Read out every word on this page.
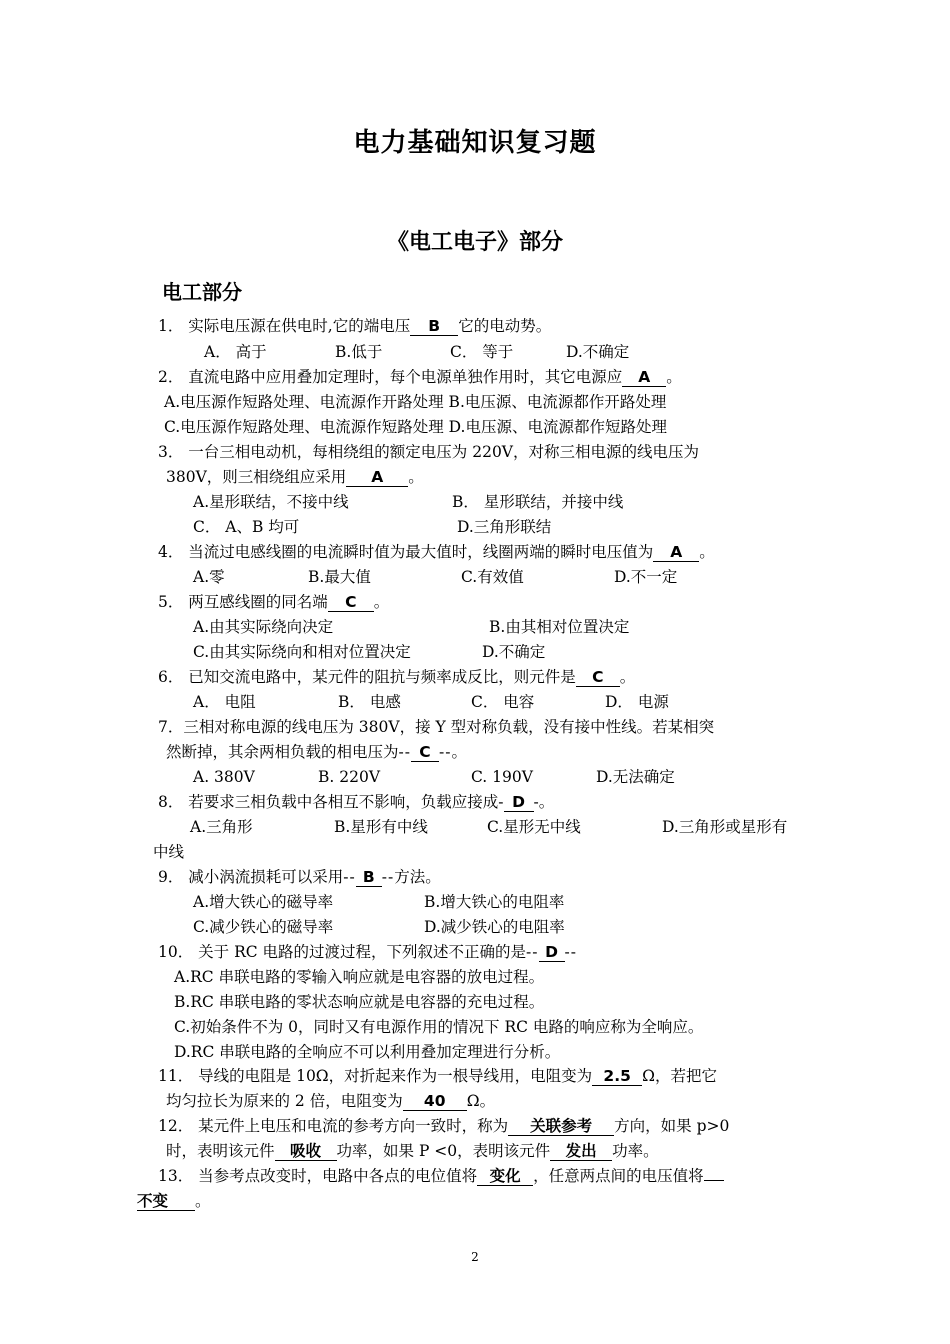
电力基础知识复习题
《电工电子》部分
电工部分
1． 实际电压源在供电时,它的端电压 B 它的电动势。
A． 高于	B.低于	C． 等于	D.不确定
2． 直流电路中应用叠加定理时，每个电源单独作用时，其它电源应 A 。
A.电压源作短路处理、电流源作开路处理 B.电压源、电流源都作开路处理
C.电压源作短路处理、电流源作短路处理 D.电压源、电流源都作短路处理
3． 一台三相电动机，每相绕组的额定电压为 220V，对称三相电源的线电压为
380V，则三相绕组应采用 A 。
A.星形联结，不接中线	B． 星形联结，并接中线
C． A、B 均可	D.三角形联结
4． 当流过电感线圈的电流瞬时值为最大值时，线圈两端的瞬时电压值为 A 。
A.零	B.最大值	C.有效值	D.不一定
5． 两互感线圈的同名端 C 。
A.由其实际绕向决定	B.由其相对位置决定
C.由其实际绕向和相对位置决定	D.不确定
6． 已知交流电路中，某元件的阻抗与频率成反比，则元件是 C 。
A． 电阻	B． 电感	C． 电容	D． 电源
7．三相对称电源的线电压为 380V，接 Y 型对称负载，没有接中性线。若某相突
然断掉，其余两相负载的相电压为-- C --。
A. 380V	B. 220V	C. 190V	D.无法确定
8． 若要求三相负载中各相互不影响，负载应接成- D -。
A.三角形	B.星形有中线	C.星形无中线	D.三角形或星形有
中线
9． 减小涡流损耗可以采用-- B --方法。
A.增大铁心的磁导率	B.增大铁心的电阻率
C.减少铁心的磁导率	D.减少铁心的电阻率
10． 关于 RC 电路的过渡过程，下列叙述不正确的是-- D --
A.RC 串联电路的零输入响应就是电容器的放电过程。
B.RC 串联电路的零状态响应就是电容器的充电过程。
C.初始条件不为 0，同时又有电源作用的情况下 RC 电路的响应称为全响应。
D.RC 串联电路的全响应不可以利用叠加定理进行分析。
11． 导线的电阻是 10Ω，对折起来作为一根导线用，电阻变为 2.5 Ω，若把它
均匀拉长为原来的 2 倍，电阻变为 40 Ω。
12． 某元件上电压和电流的参考方向一致时，称为 关联参考 方向，如果 p>0
时，表明该元件 吸收 功率，如果 P <0，表明该元件 发出 功率。
13． 当参考点改变时，电路中各点的电位值将 变化 ，任意两点间的电压值将
不变 。
2
